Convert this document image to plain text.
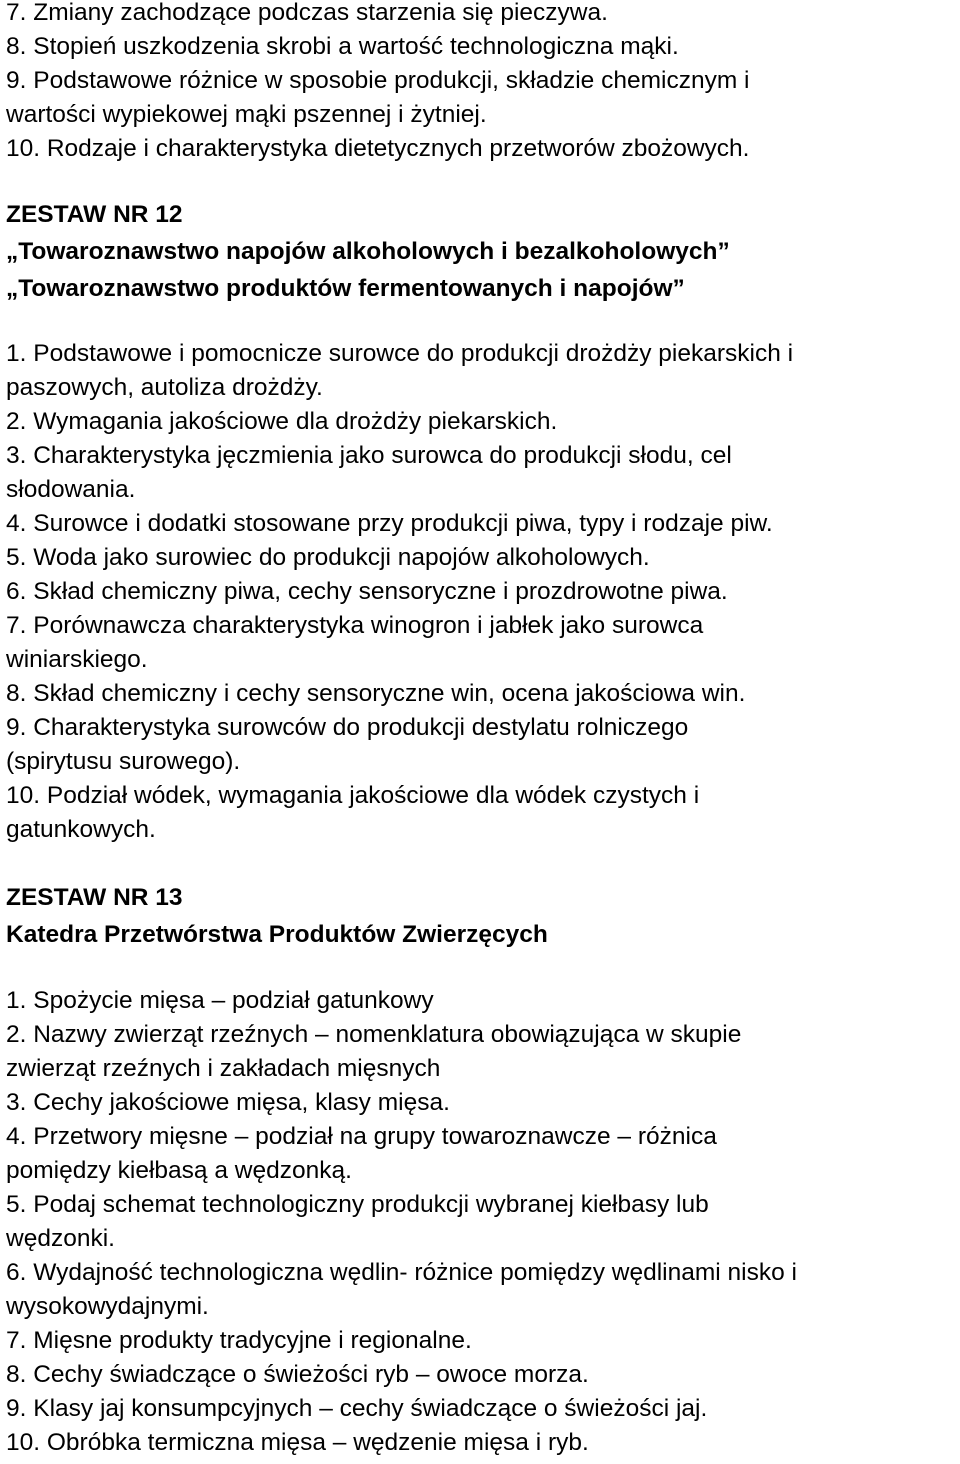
7. Zmiany zachodzące podczas starzenia się pieczywa.

8. Stopień uszkodzenia skrobi a wartość technologiczna mąki.

9. Podstawowe różnice w sposobie produkcji, składzie chemicznym i

wartości wypiekowej mąki pszennej i żytniej.

10. Rodzaje i charakterystyka dietetycznych przetworów zbożowych.

ZESTAW NR 12

„Towaroznawstwo napojów alkoholowych i bezalkoholowych”

„Towaroznawstwo produktów fermentowanych i napojów”

1. Podstawowe i pomocnicze surowce do produkcji drożdży piekarskich i

paszowych, autoliza drożdży.

2. Wymagania jakościowe dla drożdży piekarskich.

3. Charakterystyka jęczmienia jako surowca do produkcji słodu, cel

słodowania.

4. Surowce i dodatki stosowane przy produkcji piwa, typy i rodzaje piw.

5. Woda jako surowiec do produkcji napojów alkoholowych.

6. Skład chemiczny piwa, cechy sensoryczne i prozdrowotne piwa.

7. Porównawcza charakterystyka winogron i jabłek jako surowca

winiarskiego.

8. Skład chemiczny i cechy sensoryczne win, ocena jakościowa win.

9. Charakterystyka surowców do produkcji destylatu rolniczego

(spirytusu surowego).

10. Podział wódek, wymagania jakościowe dla wódek czystych i

gatunkowych.

ZESTAW NR 13

Katedra Przetwórstwa Produktów Zwierzęcych

1. Spożycie mięsa – podział gatunkowy

2. Nazwy zwierząt rzeźnych – nomenklatura obowiązująca w skupie

zwierząt rzeźnych i zakładach mięsnych

3. Cechy jakościowe mięsa, klasy mięsa.

4. Przetwory mięsne – podział na grupy towaroznawcze – różnica

pomiędzy kiełbasą a wędzonką.

5. Podaj schemat technologiczny produkcji wybranej kiełbasy lub

wędzonki.

6. Wydajność technologiczna wędlin- różnice pomiędzy wędlinami nisko i

wysokowydajnymi.

7. Mięsne produkty tradycyjne i regionalne.

8. Cechy świadczące o świeżości ryb – owoce morza.

9. Klasy jaj konsumpcyjnych – cechy świadczące o świeżości jaj.

10. Obróbka termiczna mięsa – wędzenie mięsa i ryb.
